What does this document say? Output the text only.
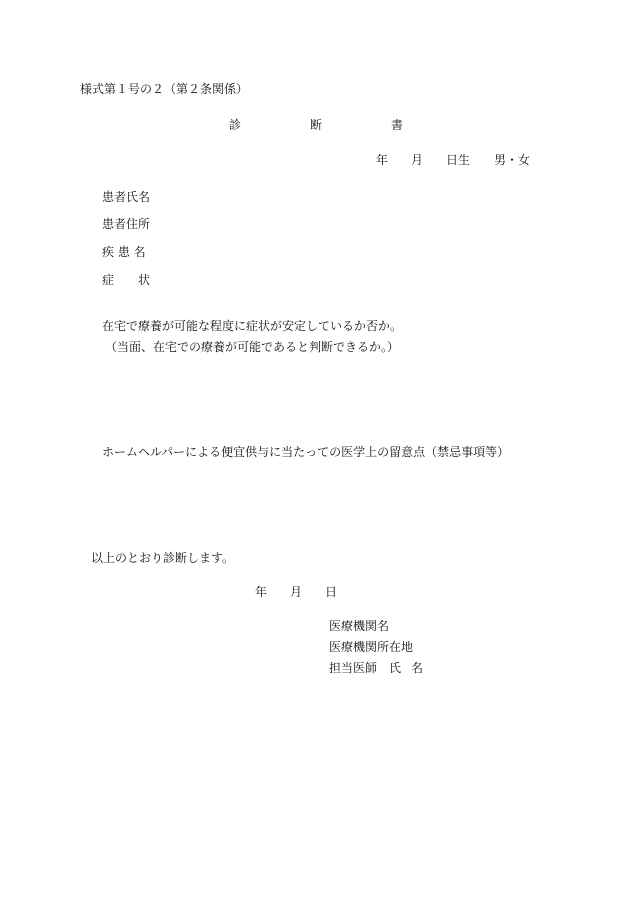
様式第１号の２（第２条関係）
診	断	書
年 月 日生 男・女
患者氏名
患者住所
疾 患 名
症 状
在宅で療養が可能な程度に症状が安定しているか否か。
（当面、在宅での療養が可能であると判断できるか。）
ホームヘルパーによる便宜供与に当たっての医学上の留意点（禁忌事項等）
以上のとおり診断します。
年 月 日
医療機関名
医療機関所在地
担当医師 氏 名
